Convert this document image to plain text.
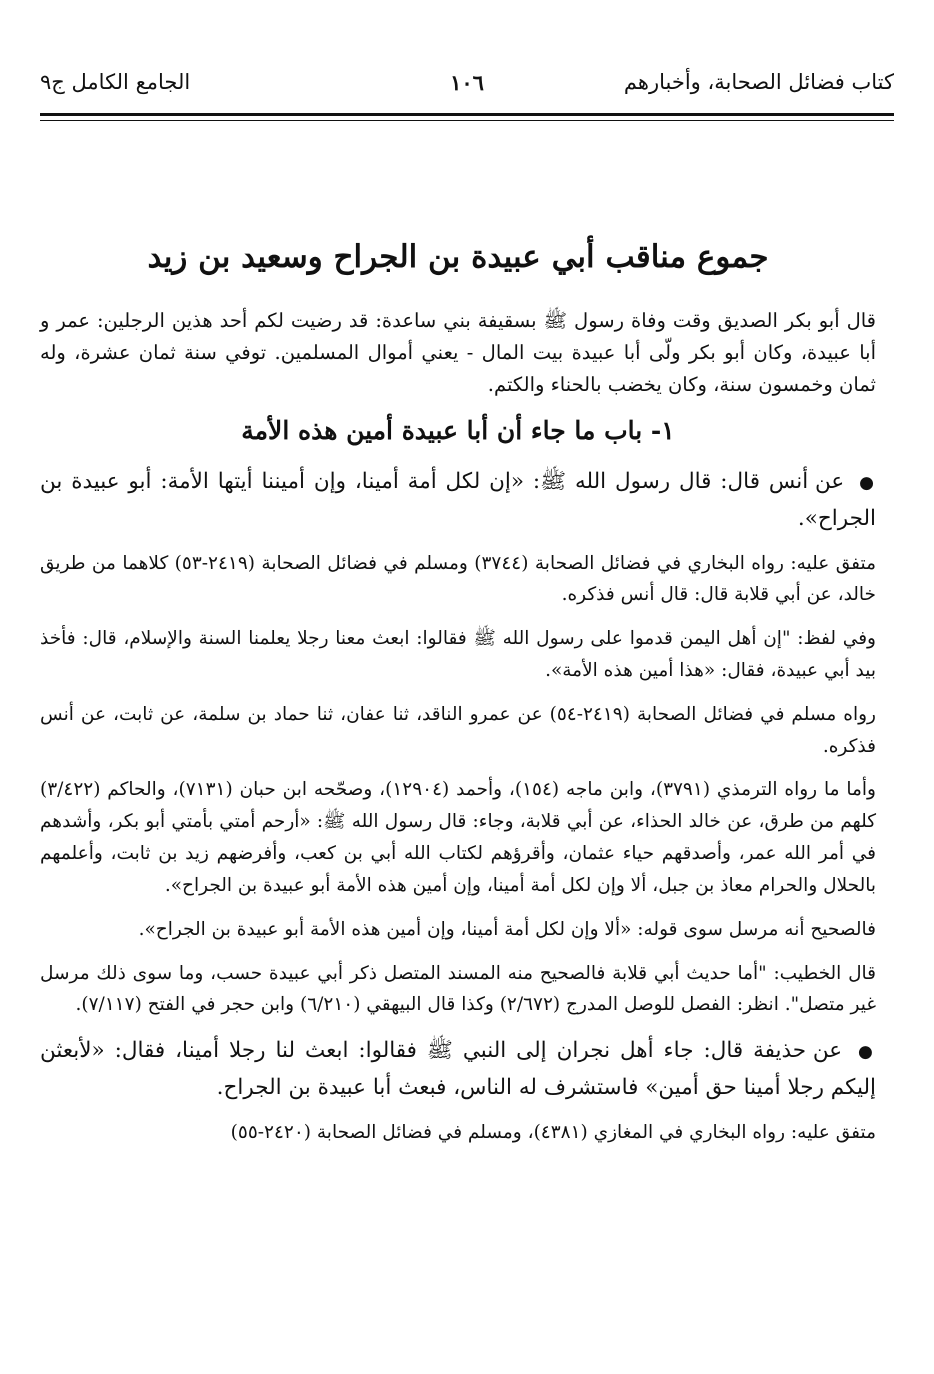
كتاب فضائل الصحابة، وأخبارهم
١٠٦
الجامع الكامل ج٩
جموع مناقب أبي عبيدة بن الجراح وسعيد بن زيد

قال أبو بكر الصديق وقت وفاة رسول ﷺ بسقيفة بني ساعدة: قد رضيت لكم أحد هذين الرجلين: عمر و أبا عبيدة، وكان أبو بكر ولّى أبا عبيدة بيت المال - يعني أموال المسلمين. توفي سنة ثمان عشرة، وله ثمان وخمسون سنة، وكان يخضب بالحناء والكتم.

١- باب ما جاء أن أبا عبيدة أمين هذه الأمة

● عن أنس قال: قال رسول الله ﷺ: «إن لكل أمة أمينا، وإن أميننا أيتها الأمة: أبو عبيدة بن الجراح».

متفق عليه: رواه البخاري في فضائل الصحابة (٣٧٤٤) ومسلم في فضائل الصحابة (٢٤١٩-٥٣) كلاهما من طريق خالد، عن أبي قلابة قال: قال أنس فذكره.

وفي لفظ: "إن أهل اليمن قدموا على رسول الله ﷺ فقالوا: ابعث معنا رجلا يعلمنا السنة والإسلام، قال: فأخذ بيد أبي عبيدة، فقال: «هذا أمين هذه الأمة».

رواه مسلم في فضائل الصحابة (٢٤١٩-٥٤) عن عمرو الناقد، ثنا عفان، ثنا حماد بن سلمة، عن ثابت، عن أنس فذكره.

وأما ما رواه الترمذي (٣٧٩١)، وابن ماجه (١٥٤)، وأحمد (١٢٩٠٤)، وصحّحه ابن حبان (٧١٣١)، والحاكم (٣/٤٢٢) كلهم من طرق، عن خالد الحذاء، عن أبي قلابة، وجاء: قال رسول الله ﷺ: «أرحم أمتي بأمتي أبو بكر، وأشدهم في أمر الله عمر، وأصدقهم حياء عثمان، وأقرؤهم لكتاب الله أبي بن كعب، وأفرضهم زيد بن ثابت، وأعلمهم بالحلال والحرام معاذ بن جبل، ألا وإن لكل أمة أمينا، وإن أمين هذه الأمة أبو عبيدة بن الجراح».

فالصحيح أنه مرسل سوى قوله: «ألا وإن لكل أمة أمينا، وإن أمين هذه الأمة أبو عبيدة بن الجراح».

قال الخطيب: "أما حديث أبي قلابة فالصحيح منه المسند المتصل ذكر أبي عبيدة حسب، وما سوى ذلك مرسل غير متصل". انظر: الفصل للوصل المدرج (٢/٦٧٢) وكذا قال البيهقي (٦/٢١٠) وابن حجر في الفتح (٧/١١٧).

● عن حذيفة قال: جاء أهل نجران إلى النبي ﷺ فقالوا: ابعث لنا رجلا أمينا، فقال: «لأبعثن إليكم رجلا أمينا حق أمين» فاستشرف له الناس، فبعث أبا عبيدة بن الجراح.

متفق عليه: رواه البخاري في المغازي (٤٣٨١)، ومسلم في فضائل الصحابة (٢٤٢٠-٥٥)
